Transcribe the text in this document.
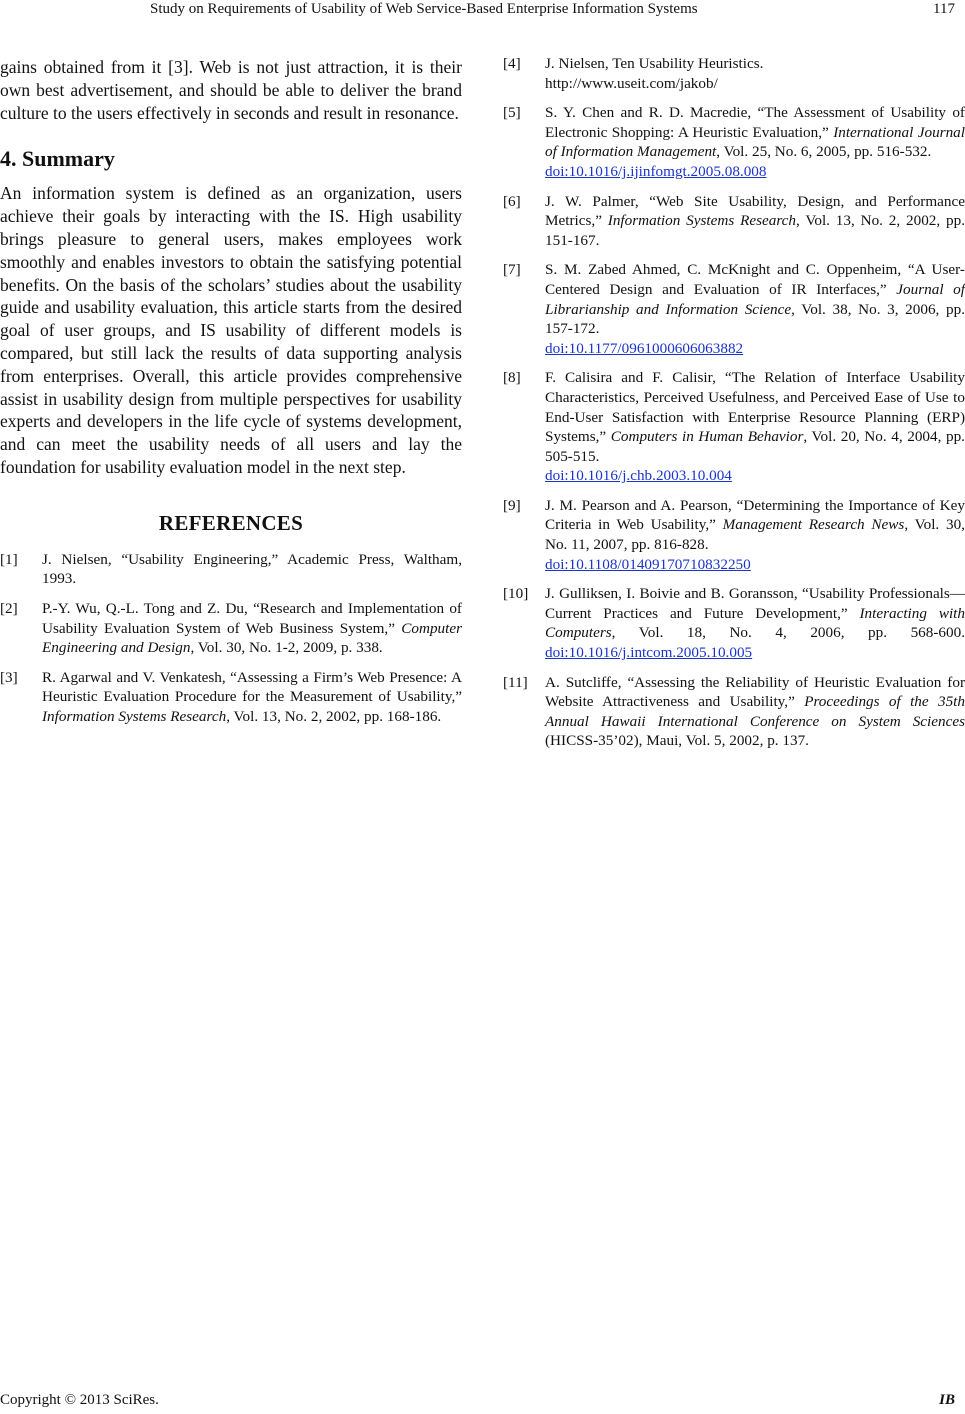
Study on Requirements of Usability of Web Service-Based Enterprise Information Systems	117

gains obtained from it [3]. Web is not just attraction, it is their own best advertisement, and should be able to deliver the brand culture to the users effectively in seconds and result in resonance.

4. Summary

An information system is defined as an organization, users achieve their goals by interacting with the IS. High usability brings pleasure to general users, makes employees work smoothly and enables investors to obtain the satisfying potential benefits. On the basis of the scholars’ studies about the usability guide and usability evaluation, this article starts from the desired goal of user groups, and IS usability of different models is compared, but still lack the results of data supporting analysis from enterprises. Overall, this article provides comprehensive assist in usability design from multiple perspectives for usability experts and developers in the life cycle of systems development, and can meet the usability needs of all users and lay the foundation for usability evaluation model in the next step.

REFERENCES
[1]	J. Nielsen, “Usability Engineering,” Academic Press, Waltham, 1993.
[2]	P.-Y. Wu, Q.-L. Tong and Z. Du, “Research and Implementation of Usability Evaluation System of Web Business System,” Computer Engineering and Design, Vol. 30, No. 1-2, 2009, p. 338.
[3]	R. Agarwal and V. Venkatesh, “Assessing a Firm’s Web Presence: A Heuristic Evaluation Procedure for the Measurement of Usability,” Information Systems Research, Vol. 13, No. 2, 2002, pp. 168-186.
[4]	J. Nielsen, Ten Usability Heuristics.
http://www.useit.com/jakob/
[5]	S. Y. Chen and R. D. Macredie, “The Assessment of Usability of Electronic Shopping: A Heuristic Evaluation,” International Journal of Information Management, Vol. 25, No. 6, 2005, pp. 516-532.
doi:10.1016/j.ijinfomgt.2005.08.008
[6]	J. W. Palmer, “Web Site Usability, Design, and Performance Metrics,” Information Systems Research, Vol. 13, No. 2, 2002, pp. 151-167.
[7]	S. M. Zabed Ahmed, C. McKnight and C. Oppenheim, “A User-Centered Design and Evaluation of IR Interfaces,” Journal of Librarianship and Information Science, Vol. 38, No. 3, 2006, pp. 157-172.
doi:10.1177/0961000606063882
[8]	F. Calisira and F. Calisir, “The Relation of Interface Usability Characteristics, Perceived Usefulness, and Perceived Ease of Use to End-User Satisfaction with Enterprise Resource Planning (ERP) Systems,” Computers in Human Behavior, Vol. 20, No. 4, 2004, pp. 505-515.
doi:10.1016/j.chb.2003.10.004
[9]	J. M. Pearson and A. Pearson, “Determining the Importance of Key Criteria in Web Usability,” Management Research News, Vol. 30, No. 11, 2007, pp. 816-828.
doi:10.1108/01409170710832250
[10]	J. Gulliksen, I. Boivie and B. Goransson, “Usability Professionals—Current Practices and Future Development,” Interacting with Computers, Vol. 18, No. 4, 2006, pp. 568-600. doi:10.1016/j.intcom.2005.10.005
[11]	A. Sutcliffe, “Assessing the Reliability of Heuristic Evaluation for Website Attractiveness and Usability,” Proceedings of the 35th Annual Hawaii International Conference on System Sciences (HICSS-35’02), Maui, Vol. 5, 2002, p. 137.
Copyright © 2013 SciRes.	IB
